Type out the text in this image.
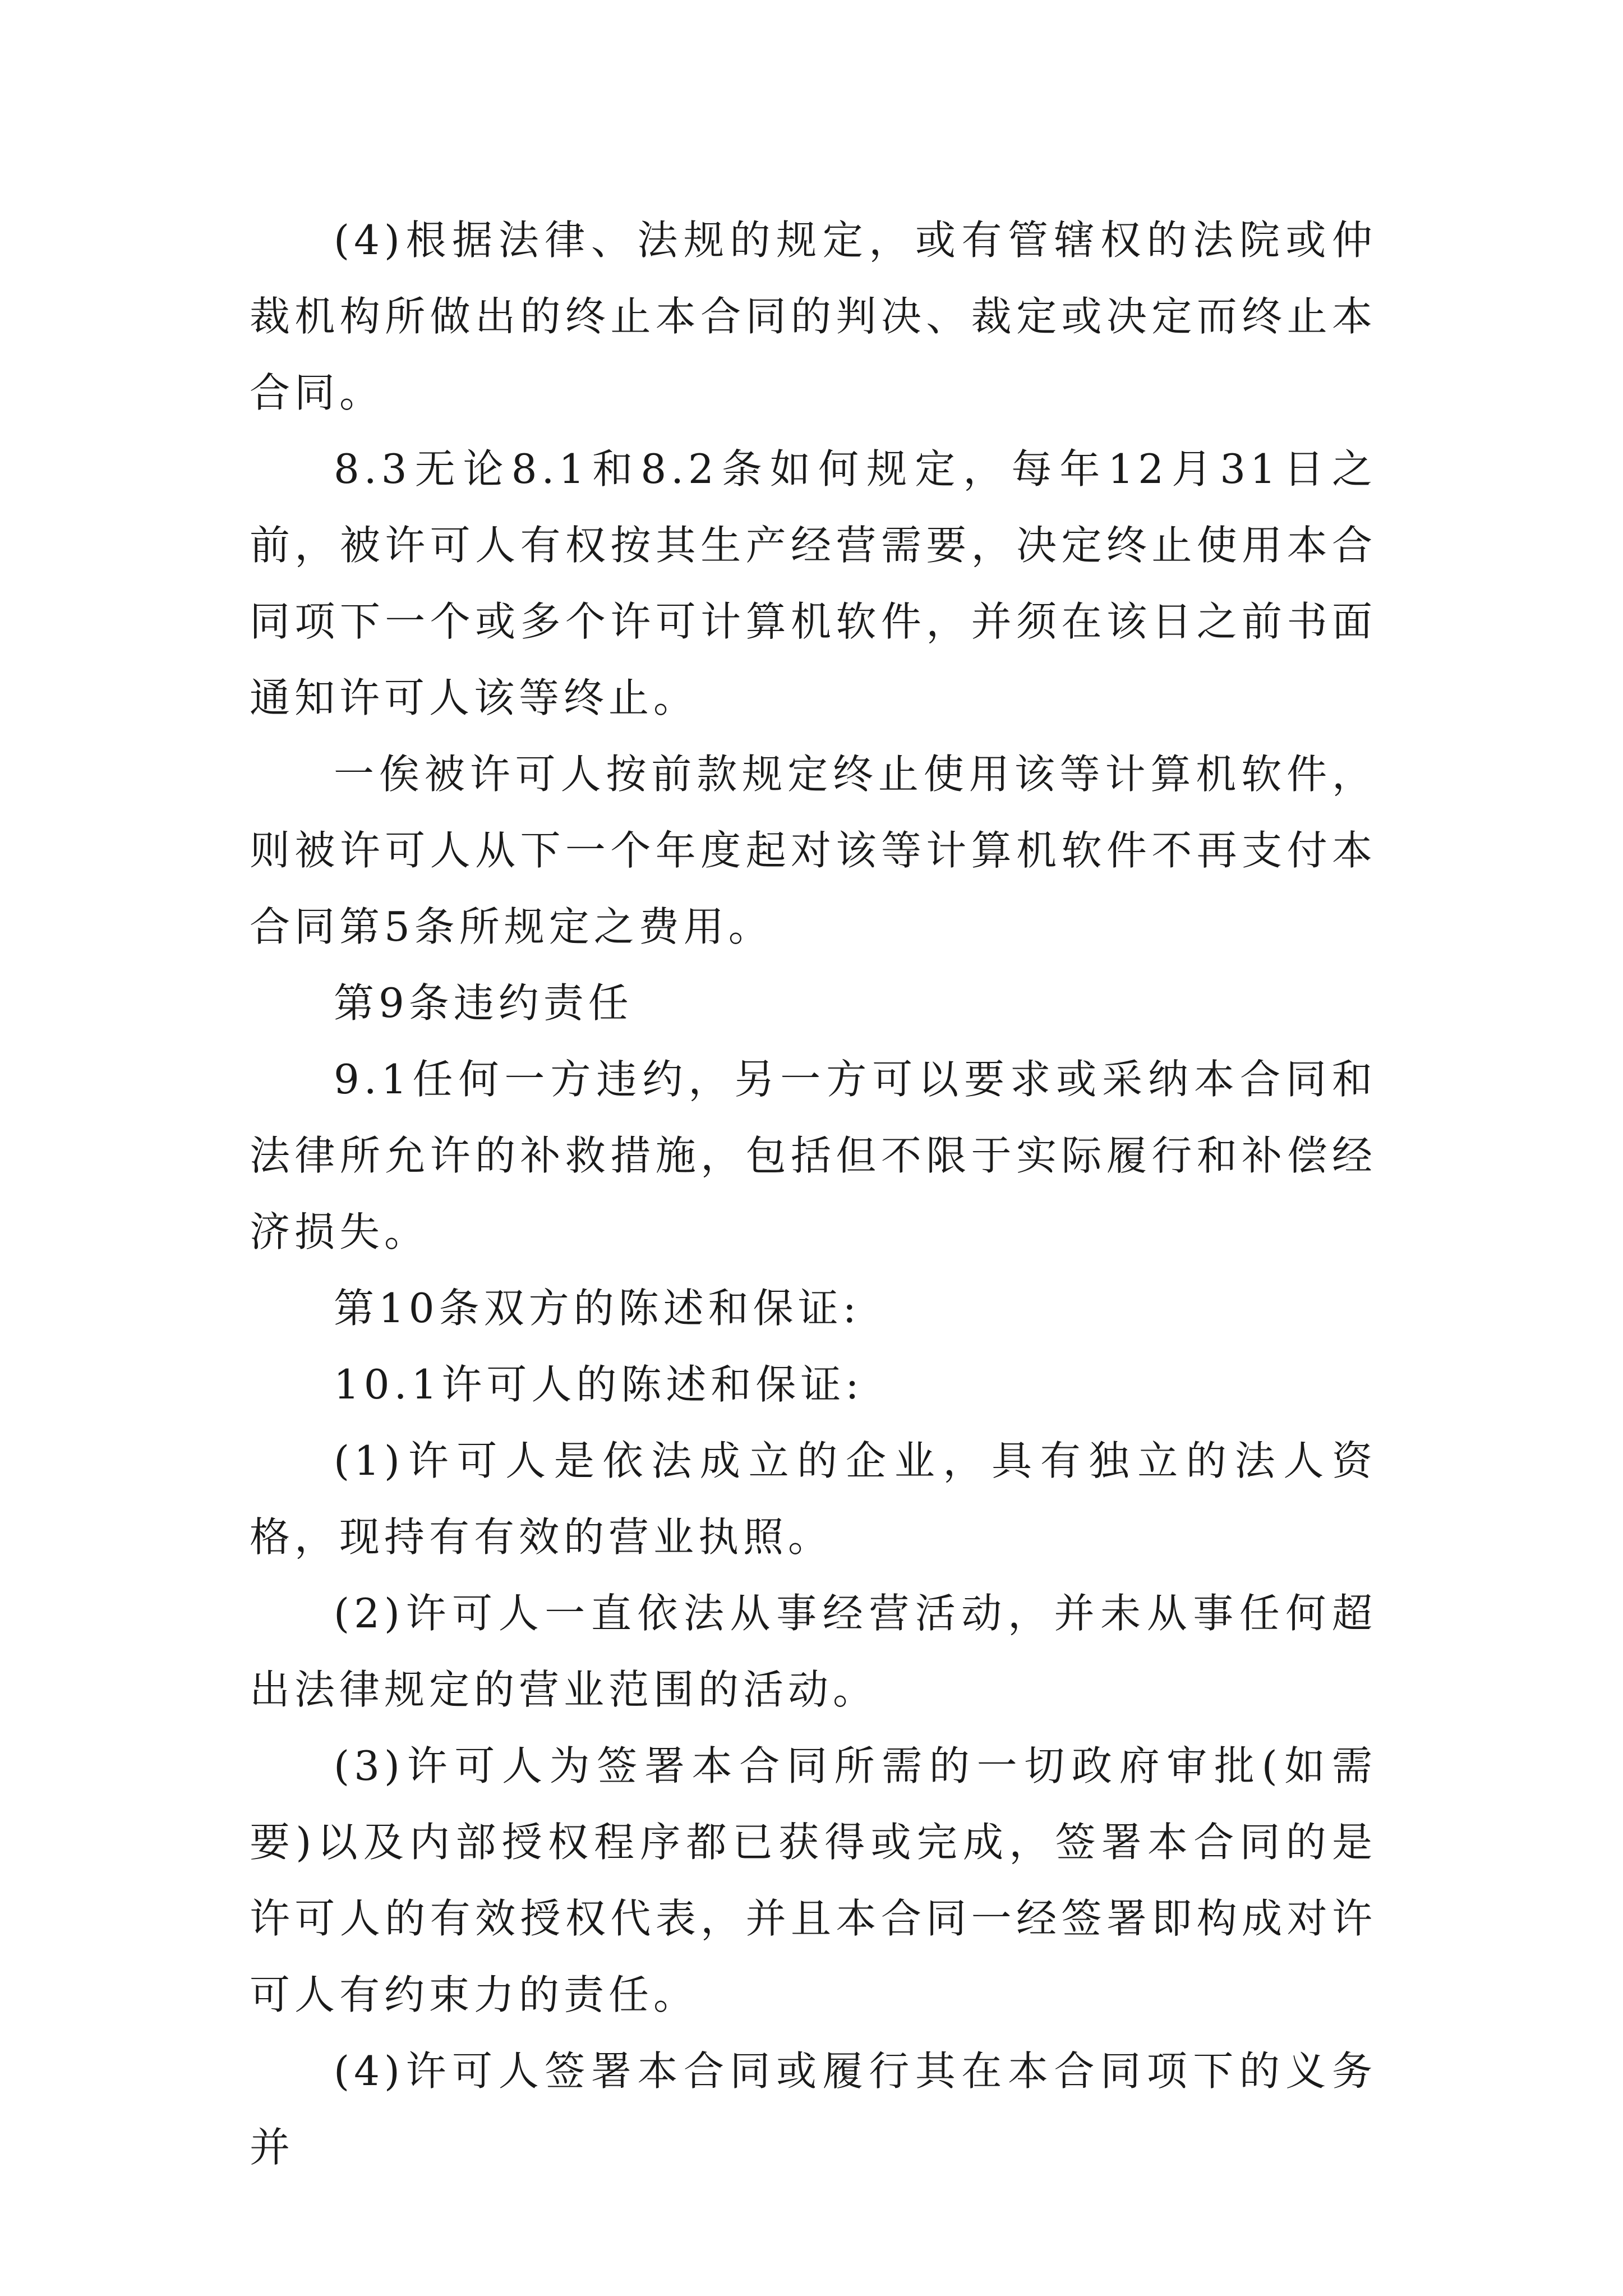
(4)根据法律、法规的规定，或有管辖权的法院或仲裁机构所做出的终止本合同的判决、裁定或决定而终止本合同。

8.3无论8.1和8.2条如何规定，每年12月31日之前，被许可人有权按其生产经营需要，决定终止使用本合同项下一个或多个许可计算机软件，并须在该日之前书面通知许可人该等终止。

一俟被许可人按前款规定终止使用该等计算机软件，则被许可人从下一个年度起对该等计算机软件不再支付本合同第5条所规定之费用。

第9条违约责任

9.1任何一方违约，另一方可以要求或采纳本合同和法律所允许的补救措施，包括但不限于实际履行和补偿经济损失。

第10条双方的陈述和保证:

10.1许可人的陈述和保证:

(1)许可人是依法成立的企业，具有独立的法人资格，现持有有效的营业执照。

(2)许可人一直依法从事经营活动，并未从事任何超出法律规定的营业范围的活动。

(3)许可人为签署本合同所需的一切政府审批(如需要)以及内部授权程序都已获得或完成，签署本合同的是许可人的有效授权代表，并且本合同一经签署即构成对许可人有约束力的责任。

(4)许可人签署本合同或履行其在本合同项下的义务并
